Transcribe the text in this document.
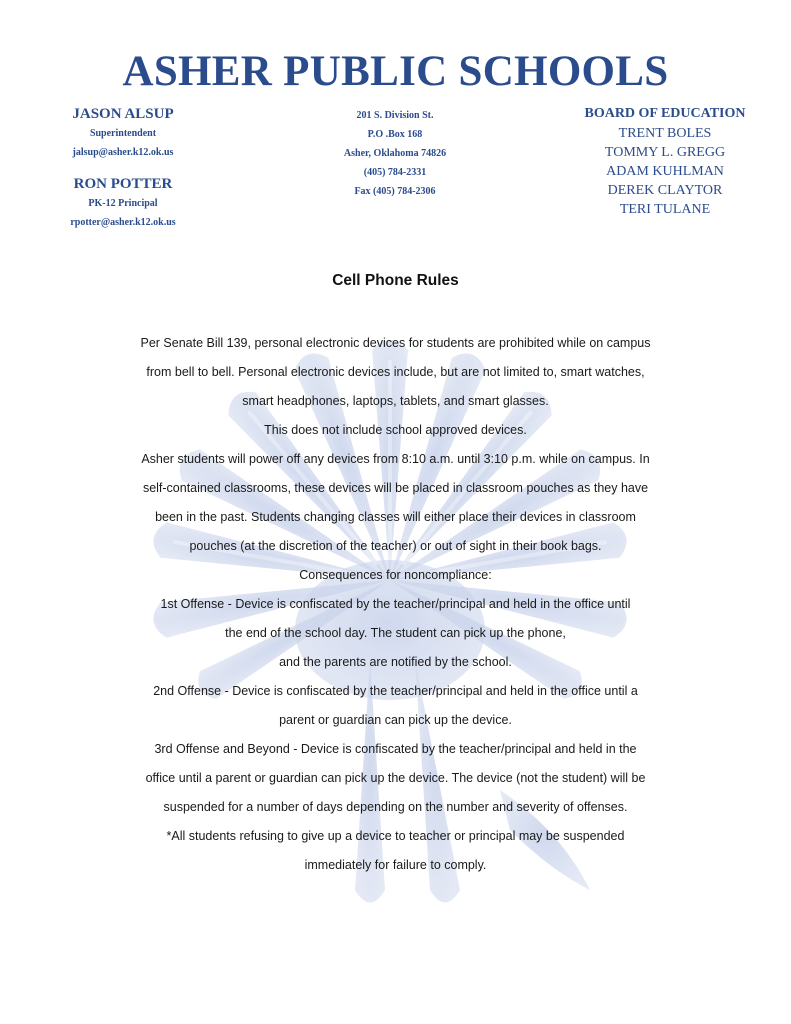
ASHER PUBLIC SCHOOLS
JASON ALSUP
Superintendent
jalsup@asher.k12.ok.us
RON POTTER
PK-12 Principal
rpotter@asher.k12.ok.us
201 S. Division St.
P.O .Box 168
Asher, Oklahoma 74826
(405) 784-2331
Fax (405) 784-2306
BOARD OF EDUCATION
TRENT BOLES
TOMMY L. GREGG
ADAM KUHLMAN
DEREK CLAYTOR
TERI TULANE
Cell Phone Rules
Per Senate Bill 139, personal electronic devices for students are prohibited while on campus
from bell to bell. Personal electronic devices include, but are not limited to, smart watches,
smart headphones, laptops, tablets, and smart glasses.
This does not include school approved devices.
Asher students will power off any devices from 8:10 a.m. until 3:10 p.m. while on campus. In
self-contained classrooms, these devices will be placed in classroom pouches as they have
been in the past. Students changing classes will either place their devices in classroom
pouches (at the discretion of the teacher) or out of sight in their book bags.
Consequences for noncompliance:
1st Offense - Device is confiscated by the teacher/principal and held in the office until
the end of the school day. The student can pick up the phone,
and the parents are notified by the school.
2nd Offense - Device is confiscated by the teacher/principal and held in the office until a
parent or guardian can pick up the device.
3rd Offense and Beyond - Device is confiscated by the teacher/principal and held in the
office until a parent or guardian can pick up the device. The device (not the student) will be
suspended for a number of days depending on the number and severity of offenses.
*All students refusing to give up a device to teacher or principal may be suspended
immediately for failure to comply.
